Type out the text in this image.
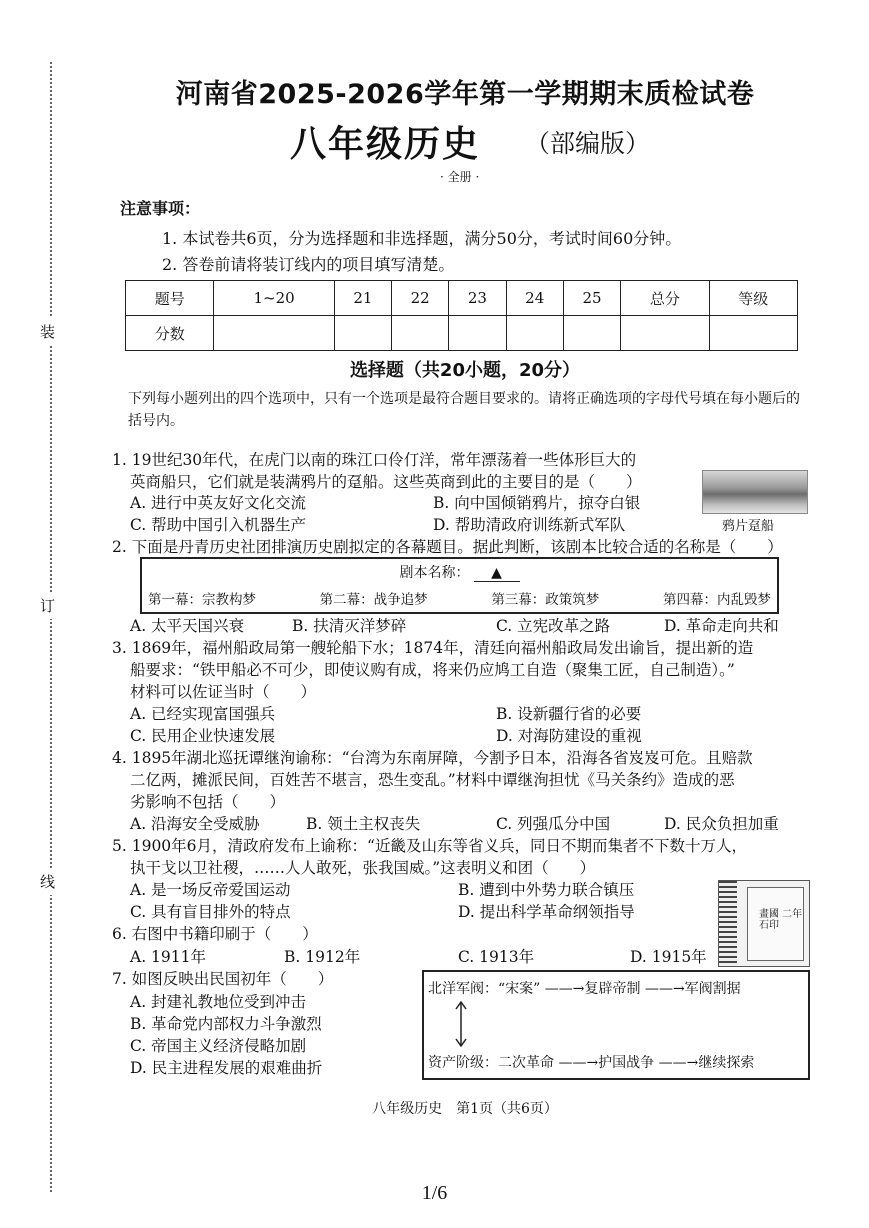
装
订
线
河南省2025-2026学年第一学期期末质检试卷
八年级历史 （部编版）
· 全册 ·
注意事项：
1. 本试卷共6页，分为选择题和非选择题，满分50分，考试时间60分钟。
2. 答卷前请将装订线内的项目填写清楚。
题号	1~20	21	22	23	24	25	总分	等级
分数								
选择题（共20小题，20分）
下列每小题列出的四个选项中，只有一个选项是最符合题目要求的。请将正确选项的字母代号填在每小题后的括号内。
1. 19世纪30年代，在虎门以南的珠江口伶仃洋，常年漂荡着一些体形巨大的
英商船只，它们就是装满鸦片的趸船。这些英商到此的主要目的是（　　）
A. 进行中英友好文化交流	B. 向中国倾销鸦片，掠夺白银
C. 帮助中国引入机器生产	D. 帮助清政府训练新式军队	鸦片趸船
2. 下面是丹青历史社团排演历史剧拟定的各幕题目。据此判断，该剧本比较合适的名称是（　　）
剧本名称： ▲
第一幕：宗教构梦	第二幕：战争追梦	第三幕：政策筑梦	第四幕：内乱毁梦
A. 太平天国兴衰	B. 扶清灭洋梦碎	C. 立宪改革之路	D. 革命走向共和
3. 1869年，福州船政局第一艘轮船下水；1874年，清廷向福州船政局发出谕旨，提出新的造
船要求：“铁甲船必不可少，即使议购有成，将来仍应鸠工自造（聚集工匠，自己制造）。”
材料可以佐证当时（　　）
A. 已经实现富国强兵	B. 设新疆行省的必要
C. 民用企业快速发展	D. 对海防建设的重视
4. 1895年湖北巡抚谭继洵谕称：“台湾为东南屏障，今割予日本，沿海各省岌岌可危。且赔款
二亿两，摊派民间，百姓苦不堪言，恐生变乱。”材料中谭继洵担忧《马关条约》造成的恶
劣影响不包括（　　）
A. 沿海安全受威胁	B. 领土主权丧失	C. 列强瓜分中国	D. 民众负担加重
5. 1900年6月，清政府发布上谕称：“近畿及山东等省义兵，同日不期而集者不下数十万人，
执干戈以卫社稷，……人人敢死，张我国威。”这表明义和团（　　）
A. 是一场反帝爱国运动	B. 遭到中外势力联合镇压
C. 具有盲目排外的特点	D. 提出科学革命纲领指导
6. 右图中书籍印刷于（　　）
A. 1911年	B. 1912年	C. 1913年	D. 1915年
畫國 二年 石印
7. 如图反映出民国初年（　　）
A. 封建礼教地位受到冲击
B. 革命党内部权力斗争激烈
C. 帝国主义经济侵略加剧
D. 民主进程发展的艰难曲折
北洋军阀：“宋案” ——→复辟帝制 ——→军阀割据
资产阶级：二次革命 ——→护国战争 ——→继续探索
八年级历史　第1页（共6页）
1/6
